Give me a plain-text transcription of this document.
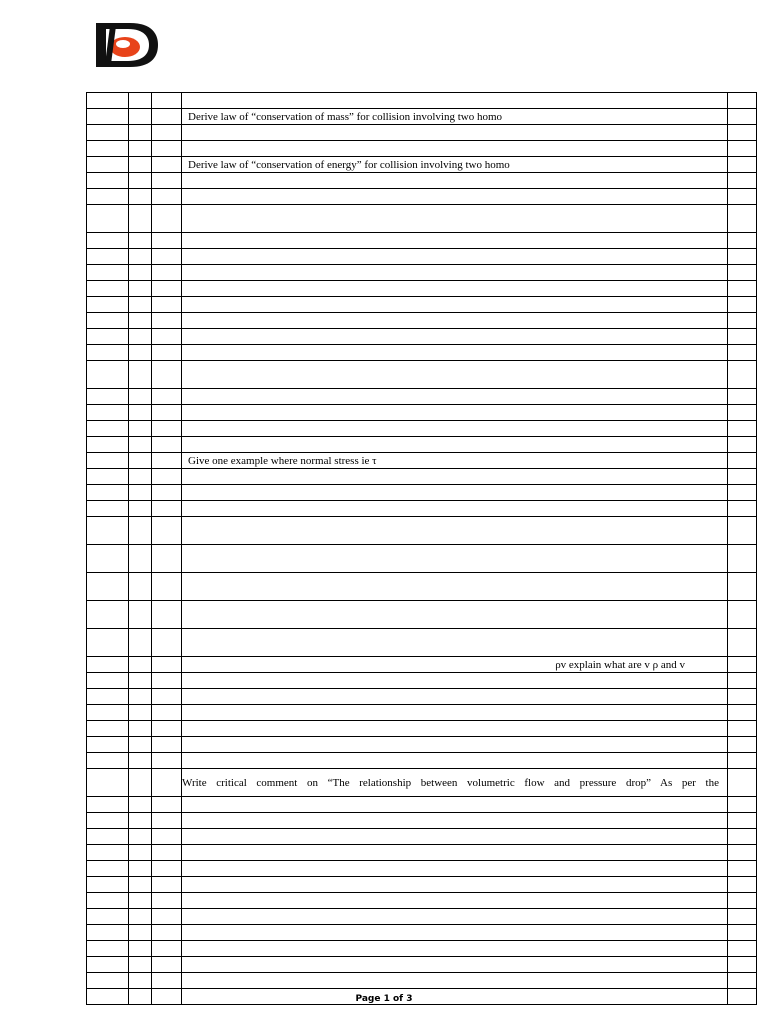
			Derive law of “conservation of mass” for collision involving two homo	

			Derive law of “conservation of energy” for collision involving two homo	

			Give one example where normal stress ie τ	

			ρv explain what are v ρ and v	

			Write critical comment on “The relationship between volumetric flow and pressure drop” As per the	

Page 1 of 3
